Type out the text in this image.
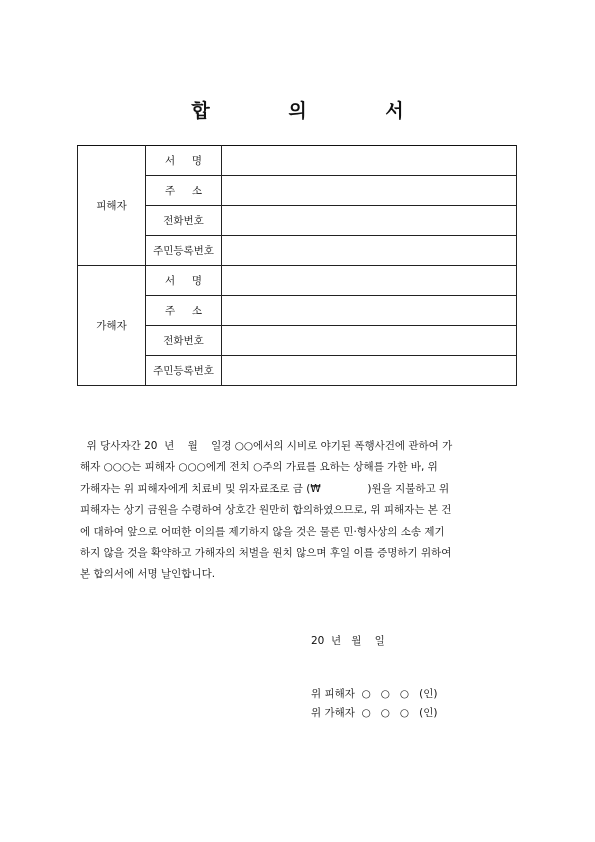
합 의 서
피해자	서     명	
	주     소	
	전화번호	
	주민등록번호	
가해자	서     명	
	주     소	
	전화번호	
	주민등록번호	
위 당사자간 20  년    월    일경 ○○에서의 시비로 야기된 폭행사건에 관하여 가
해자 ○○○는 피해자 ○○○에게 전치 ○주의 가료를 요하는 상해를 가한 바, 위
가해자는 위 피해자에게 치료비 및 위자료조로 금 (₩              )원을 지불하고 위
피해자는 상기 금원을 수령하여 상호간 원만히 합의하였으므로, 위 피해자는 본 건
에 대하여 앞으로 어떠한 이의를 제기하지 않을 것은 물론 민·형사상의 소송 제기
하지 않을 것을 확약하고 가해자의 처벌을 원치 않으며 후일 이를 증명하기 위하여
본 합의서에 서명 날인합니다.
20  년   월    일
위 피해자  ○   ○   ○   (인)
위 가해자  ○   ○   ○   (인)
